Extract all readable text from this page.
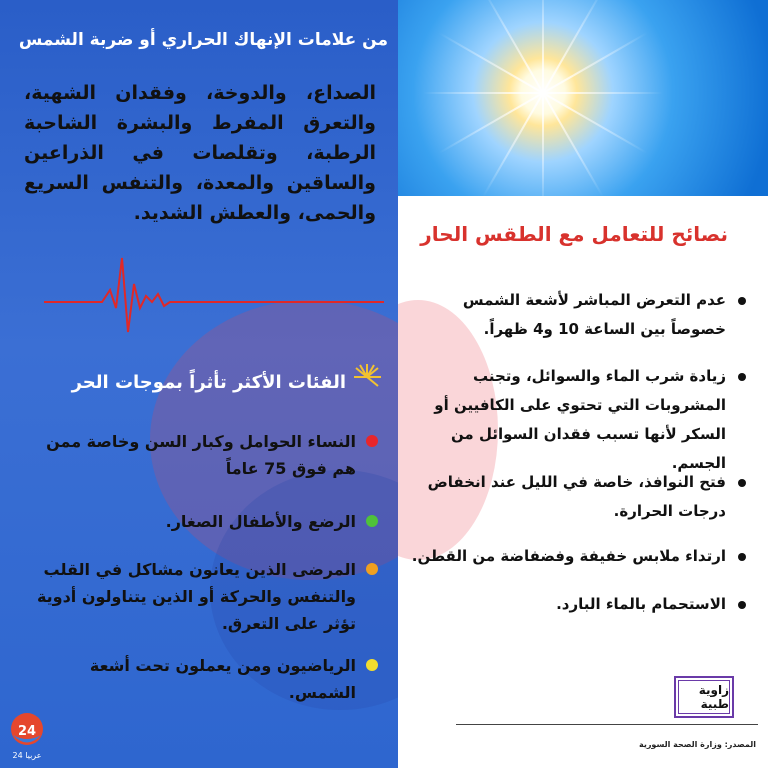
من علامات الإنهاك الحراري أو ضربة الشمس
الصداع، والدوخة، وفقدان الشهية، والتعرق المفرط والبشرة الشاحبة الرطبة، وتقلصات في الذراعين والساقين والمعدة، والتنفس السريع والحمى، والعطش الشديد.
الفئات الأكثر تأثراً بموجات الحر
النساء الحوامل وكبار السن وخاصة ممن هم فوق 75 عاماً
الرضع والأطفال الصغار.
المرضى الذين يعانون مشاكل في القلب والتنفس والحركة أو الذين يتناولون أدوية تؤثر على التعرق.
الرياضيون ومن يعملون تحت أشعة الشمس.
24
عربيا 24
نصائح للتعامل مع الطقس الحار
عدم التعرض المباشر لأشعة الشمس خصوصاً بين الساعة 10 و4 ظهراً.
زيادة شرب الماء والسوائل، وتجنب المشروبات التي تحتوي على الكافيين أو السكر لأنها تسبب فقدان السوائل من الجسم.
فتح النوافذ، خاصة في الليل عند انخفاض درجات الحرارة.
ارتداء ملابس خفيفة وفضفاضة من القطن.
الاستحمام بالماء البارد.
زاوية طبية
المصدر: وزارة الصحة السورية
